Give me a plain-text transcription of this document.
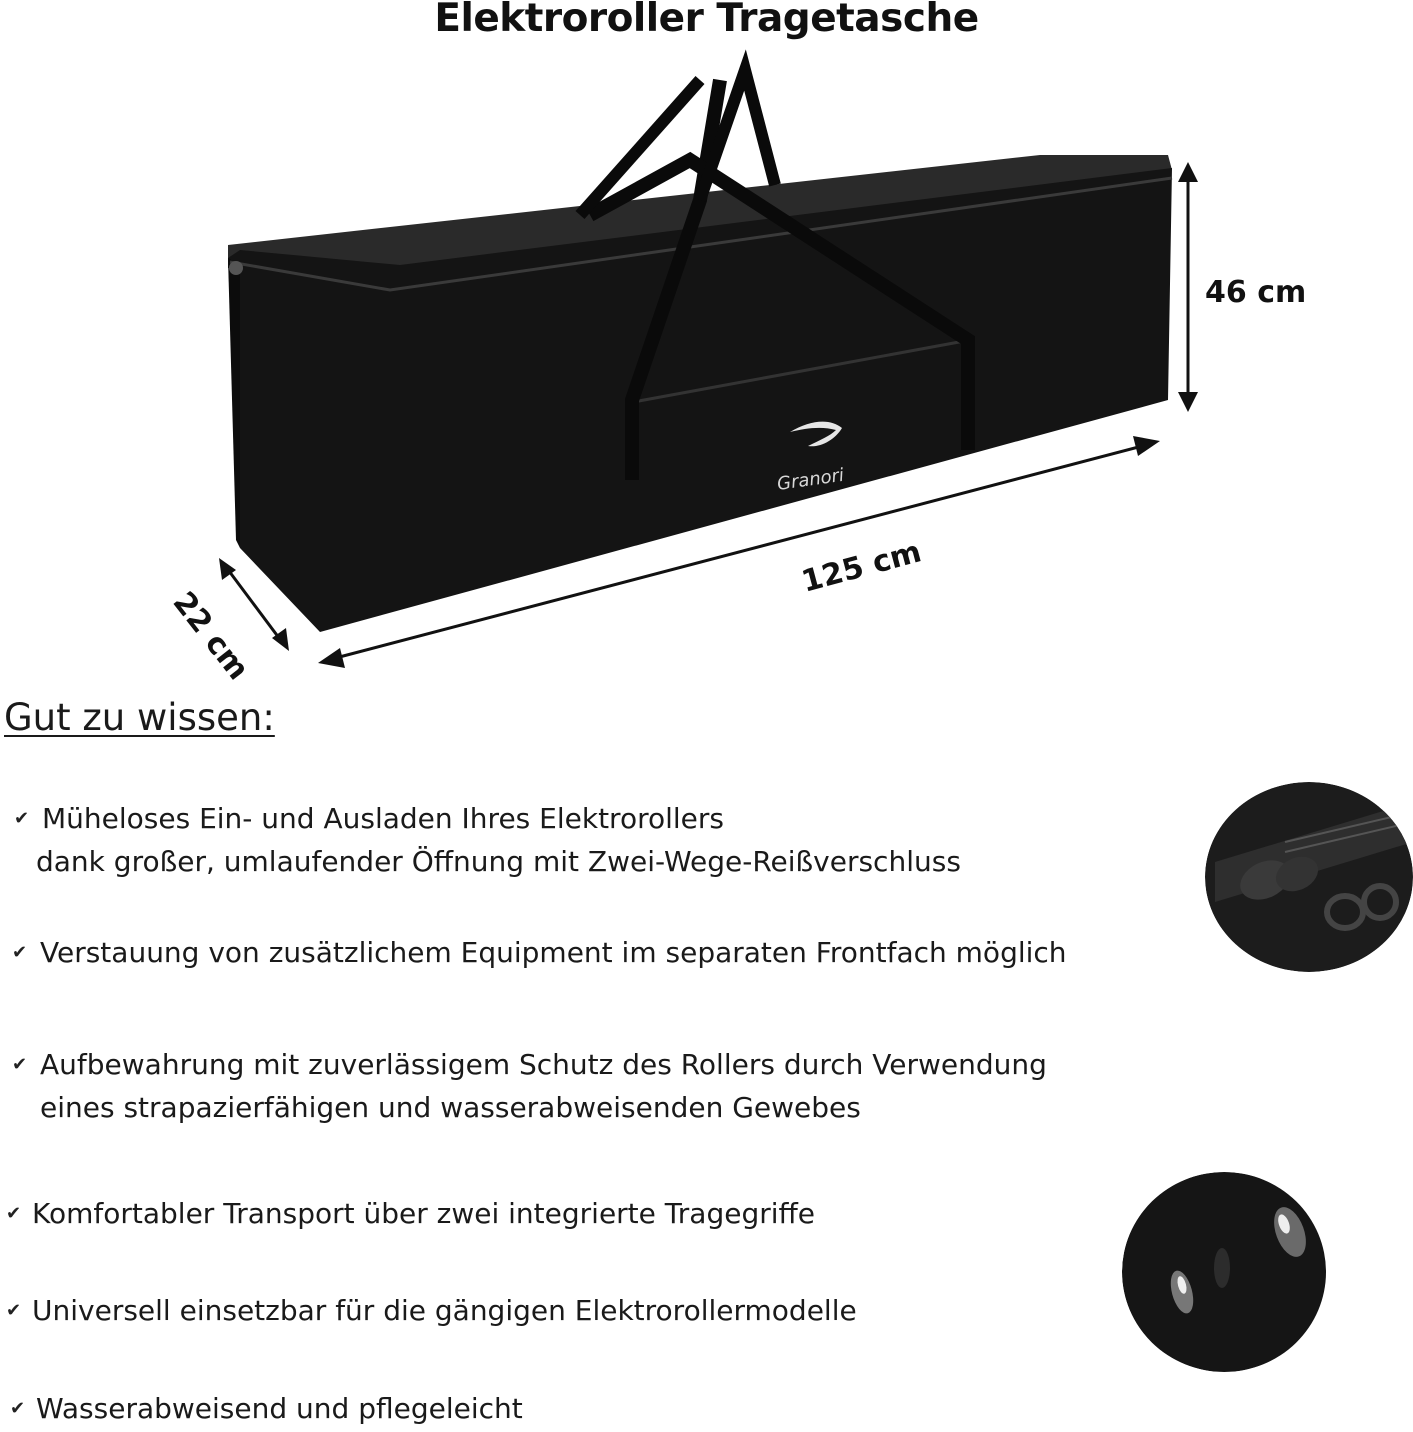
Elektroroller Tragetasche
Granori
46 cm
125 cm
22 cm
Gut zu wissen:
✔ Müheloses Ein- und Ausladen Ihres Elektrorollers
dank großer, umlaufender Öffnung mit Zwei-Wege-Reißverschluss
✔ Verstauung von zusätzlichem Equipment im separaten Frontfach möglich
✔ Aufbewahrung mit zuverlässigem Schutz des Rollers durch Verwendung
eines strapazierfähigen und wasserabweisenden Gewebes
✔ Komfortabler Transport über zwei integrierte Tragegriffe
✔ Universell einsetzbar für die gängigen Elektrorollermodelle
✔ Wasserabweisend und pflegeleicht
